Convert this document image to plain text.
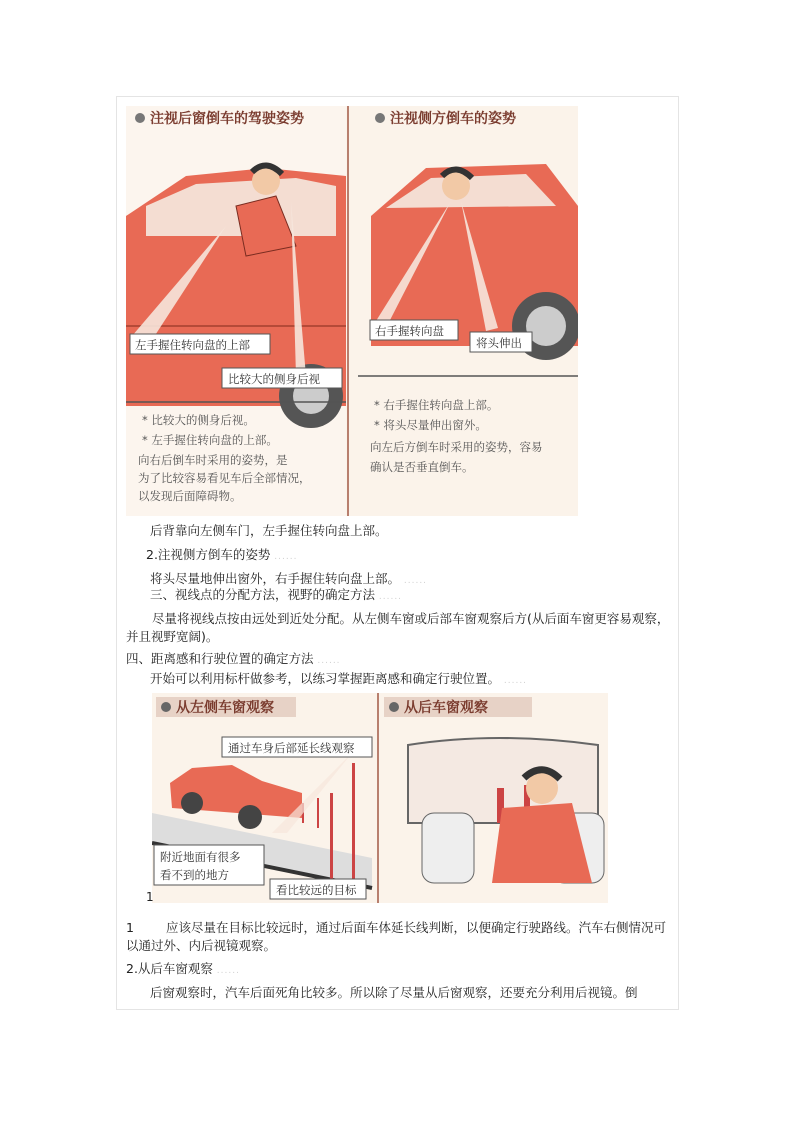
注视后窗倒车的驾驶姿势
左手握住转向盘的上部
比较大的侧身后视
* 比较大的侧身后视。
* 左手握住转向盘的上部。
向右后倒车时采用的姿势，是
为了比较容易看见车后全部情况，
以发现后面障碍物。
注视侧方倒车的姿势
右手握转向盘
将头伸出
* 右手握住转向盘上部。
* 将头尽量伸出窗外。
向左后方倒车时采用的姿势，容易
确认是否垂直倒车。
后背靠向左侧车门，左手握住转向盘上部。
2.注视侧方倒车的姿势 ......
将头尽量地伸出窗外，右手握住转向盘上部。 ......
三、视线点的分配方法，视野的确定方法 ......
尽量将视线点按由远处到近处分配。从左侧车窗或后部车窗观察后方(从后面车窗更容易观察，并且视野宽阔)。
四、距离感和行驶位置的确定方法 ......
开始可以利用标杆做参考，以练习掌握距离感和确定行驶位置。 ......
从左侧车窗观察
通过车身后部延长线观察
附近地面有很多
看不到的地方
看比较远的目标
从后车窗观察
1
1	应该尽量在目标比较远时，通过后面车体延长线判断，以便确定行驶路线。汽车右侧情况可以通过外、内后视镜观察。
2.从后车窗观察 ......
后窗观察时，汽车后面死角比较多。所以除了尽量从后窗观察，还要充分利用后视镜。倒
